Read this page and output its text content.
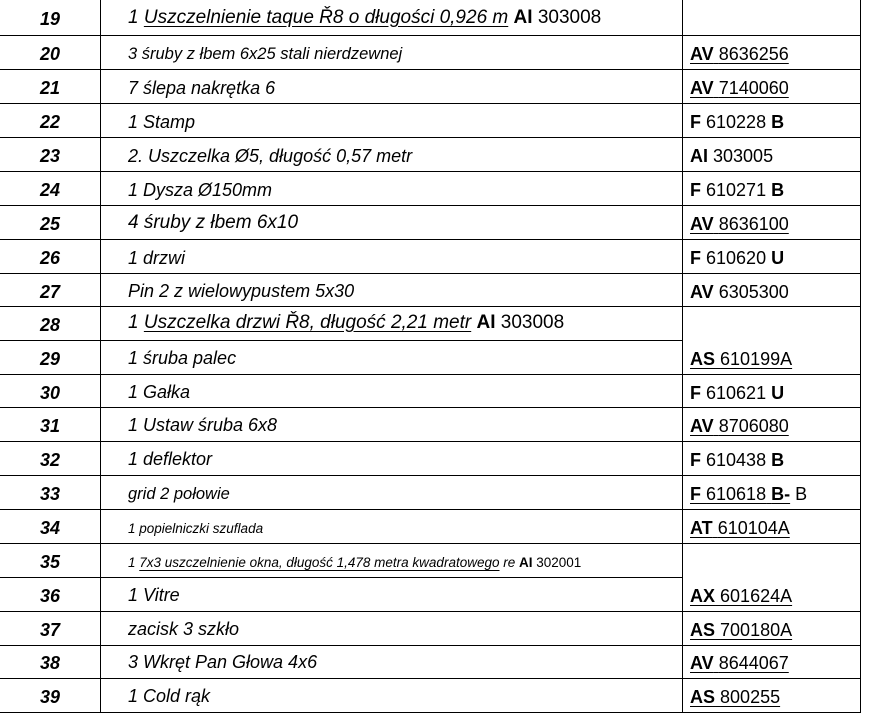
19	1 Uszczelnienie taque Ř8 o długości 0,926 m AI 303008
20	3 śruby z łbem 6x25 stali nierdzewnej	AV 8636256
21	7 ślepa nakrętka 6	AV 7140060
22	1 Stamp	F 610228 B
23	2. Uszczelka Ø5, długość 0,57 metr	AI 303005
24	1 Dysza Ø150mm	F 610271 B
25	4 śruby z łbem 6x10	AV 8636100
26	1 drzwi	F 610620 U
27	Pin 2 z wielowypustem 5x30	AV 6305300
28	1 Uszczelka drzwi Ř8, długość 2,21 metr AI 303008
29	1 śruba palec	AS 610199A
30	1 Gałka	F 610621 U
31	1 Ustaw śruba 6x8	AV 8706080
32	1 deflektor	F 610438 B
33	grid 2 połowie	F 610618 B- B
34	1 popielniczki szuflada	AT 610104A
35	1 7x3 uszczelnienie okna, długość 1,478 metra kwadratowego re AI 302001
36	1 Vitre	AX 601624A
37	zacisk 3 szkło	AS 700180A
38	3 Wkręt Pan Głowa 4x6	AV 8644067
39	1 Cold rąk	AS 800255
